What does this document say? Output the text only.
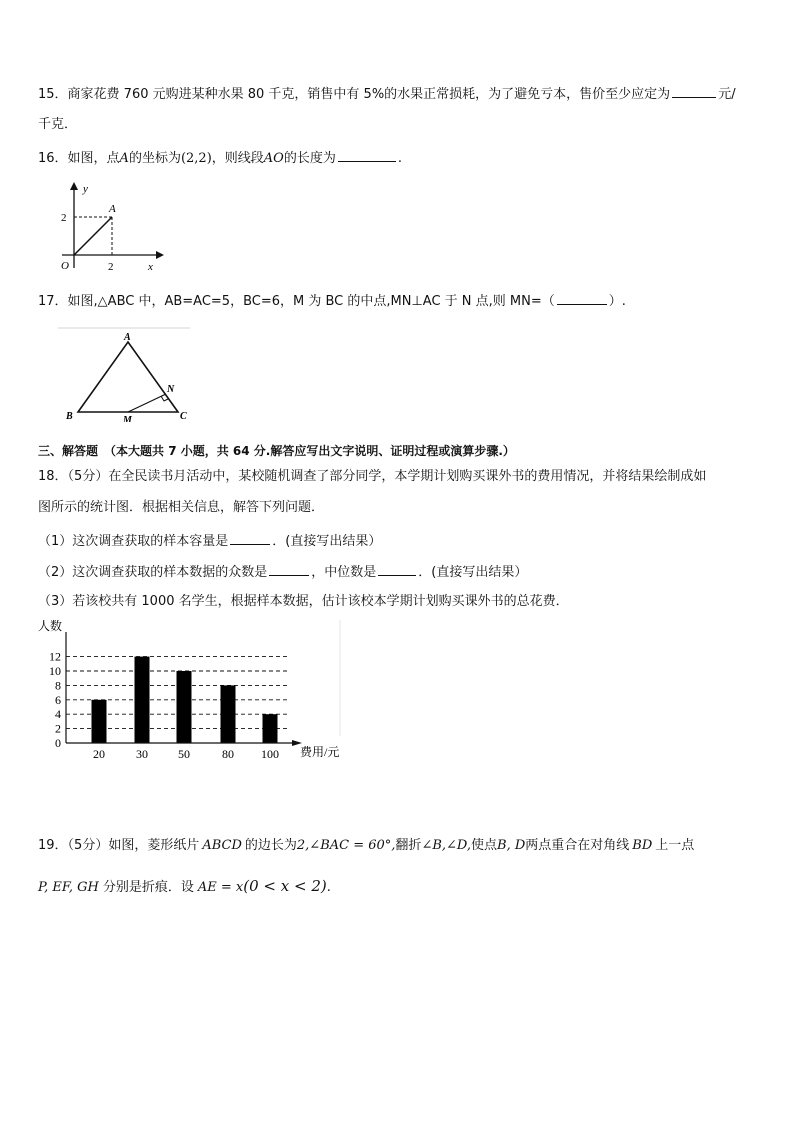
15．商家花费 760 元购进某种水果 80 千克，销售中有 5%的水果正常损耗，为了避免亏本，售价至少应定为	元/
千克．
16．如图，点A的坐标为(2,2)，则线段AO的长度为	.
y
x
O
2
2
A
17．如图,△ABC 中，AB=AC=5，BC=6，M 为 BC 的中点,MN⊥AC 于 N 点,则 MN=（	）.
A
B	C
M
N
三、解答题 （本大题共 7 小题，共 64 分.解答应写出文字说明、证明过程或演算步骤.）
18．（5分）在全民读书月活动中，某校随机调查了部分同学，本学期计划购买课外书的费用情况，并将结果绘制成如
图所示的统计图．根据相关信息，解答下列问题．
（1）这次调查获取的样本容量是	．(直接写出结果）
（2）这次调查获取的样本数据的众数是	，中位数是	．(直接写出结果）
（3）若该校共有 1000 名学生，根据样本数据，估计该校本学期计划购买课外书的总花费．
0
2
4
6
8
10
12
20	30	50	80 100
人数
费用/元
19．（5分）如图，菱形纸片 ABCD 的边长为2,∠BAC = 60°,翻折∠B,∠D,使点B, D两点重合在对角线 BD 上一点
P, EF, GH 分别是折痕．设 AE = x(0 < x < 2).
